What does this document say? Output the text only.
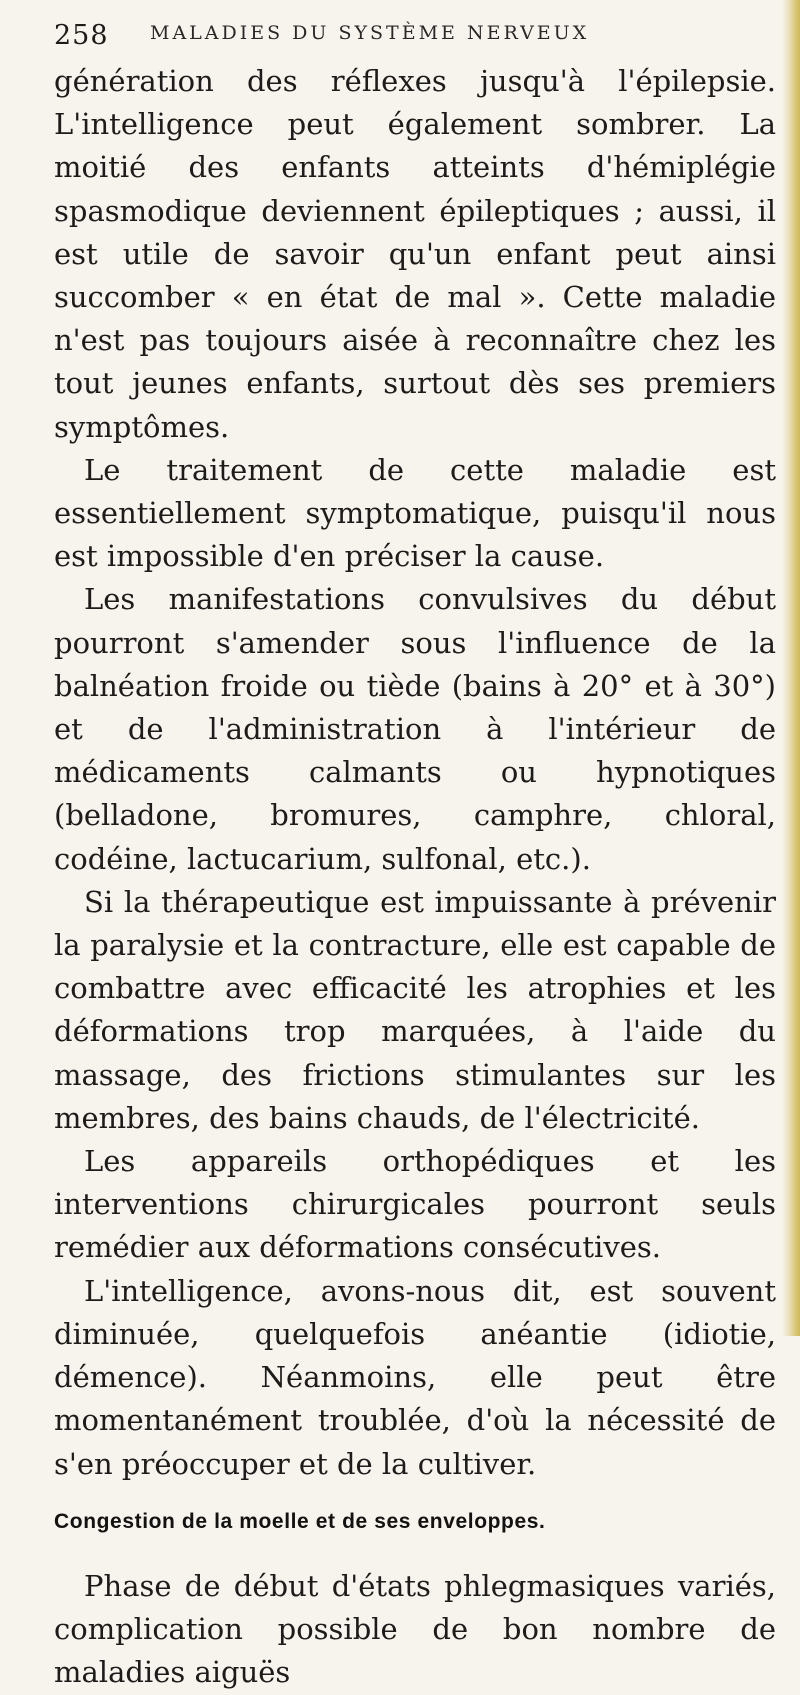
258 MALADIES DU SYSTÈME NERVEUX

génération des réflexes jusqu'à l'épilepsie. L'intelligence peut également sombrer. La moitié des enfants atteints d'hémiplégie spasmodique deviennent épileptiques ; aussi, il est utile de savoir qu'un enfant peut ainsi succomber « en état de mal ». Cette maladie n'est pas toujours aisée à reconnaître chez les tout jeunes enfants, surtout dès ses premiers symptômes.

Le traitement de cette maladie est essentiellement symptomatique, puisqu'il nous est impossible d'en préciser la cause.

Les manifestations convulsives du début pourront s'amender sous l'influence de la balnéation froide ou tiède (bains à 20° et à 30°) et de l'administration à l'intérieur de médicaments calmants ou hypnotiques (belladone, bromures, camphre, chloral, codéine, lactucarium, sulfonal, etc.).

Si la thérapeutique est impuissante à prévenir la paralysie et la contracture, elle est capable de combattre avec efficacité les atrophies et les déformations trop marquées, à l'aide du massage, des frictions stimulantes sur les membres, des bains chauds, de l'électricité.

Les appareils orthopédiques et les interventions chirurgicales pourront seuls remédier aux déformations consécutives.

L'intelligence, avons-nous dit, est souvent diminuée, quelquefois anéantie (idiotie, démence). Néanmoins, elle peut être momentanément troublée, d'où la nécessité de s'en préoccuper et de la cultiver.

Congestion de la moelle et de ses enveloppes.

Phase de début d'états phlegmasiques variés, complication possible de bon nombre de maladies aiguës
